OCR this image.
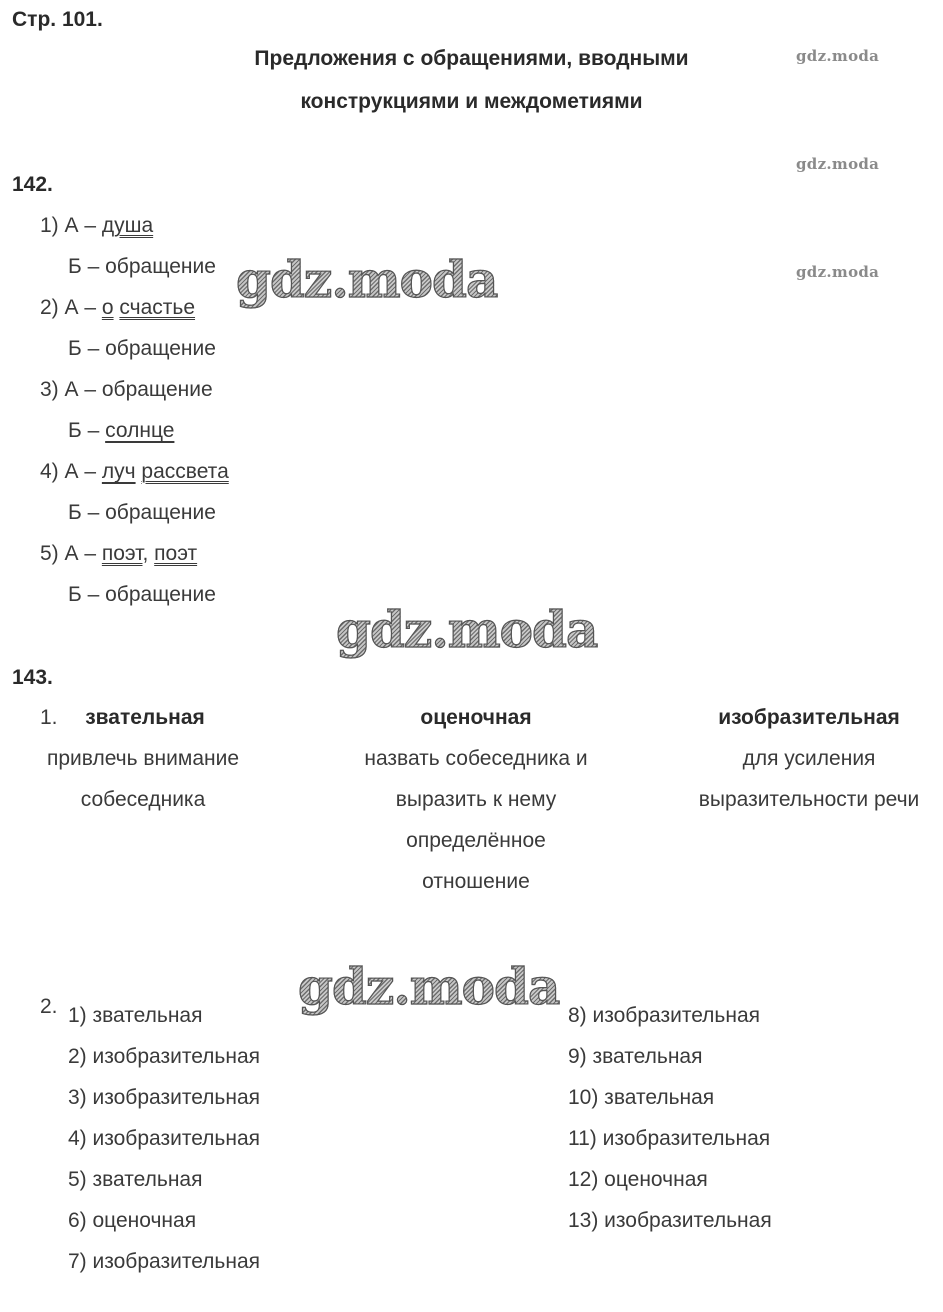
Стр. 101.
Предложения с обращениями, вводными
конструкциями и междометиями
gdz.moda
gdz.moda
gdz.moda
142.
1) А – душа
Б – обращение
2) А – о счастье
Б – обращение
3) А – обращение
Б – солнце
4) А – луч рассвета
Б – обращение
5) А – поэт, поэт
Б – обращение
gdz.moda
gdz.moda
gdz.moda
143.
1.	звательная
привлечь внимание
собеседника
оценочная
назвать собеседника и
выразить к нему
определённое
отношение
изобразительная
для усиления
выразительности речи
2. 1) звательная
2) изобразительная
3) изобразительная
4) изобразительная
5) звательная
6) оценочная
7) изобразительная
8) изобразительная
9) звательная
10) звательная
11) изобразительная
12) оценочная
13) изобразительная
